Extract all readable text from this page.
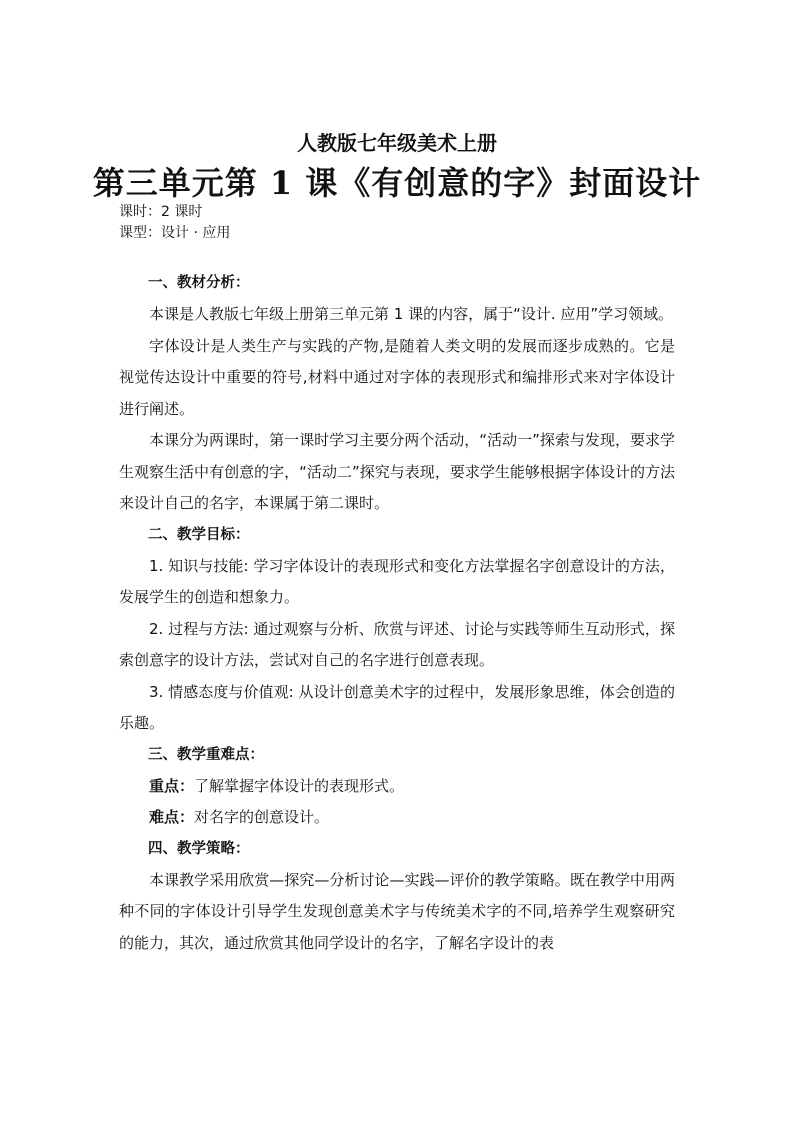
人教版七年级美术上册
第三单元第 1 课《有创意的字》封面设计
课时：2 课时
课型：设计 · 应用

一、教材分析：

本课是人教版七年级上册第三单元第 1 课的内容，属于“设计. 应用”学习领域。

字体设计是人类生产与实践的产物,是随着人类文明的发展而逐步成熟的。它是视觉传达设计中重要的符号,材料中通过对字体的表现形式和编排形式来对字体设计进行阐述。

本课分为两课时，第一课时学习主要分两个活动，“活动一”探索与发现，要求学生观察生活中有创意的字，“活动二”探究与表现，要求学生能够根据字体设计的方法来设计自己的名字，本课属于第二课时。

二、教学目标：

1. 知识与技能: 学习字体设计的表现形式和变化方法掌握名字创意设计的方法，发展学生的创造和想象力。

2. 过程与方法: 通过观察与分析、欣赏与评述、讨论与实践等师生互动形式，探索创意字的设计方法，尝试对自己的名字进行创意表现。

3. 情感态度与价值观: 从设计创意美术字的过程中，发展形象思维，体会创造的乐趣。

三、教学重难点：

重点：了解掌握字体设计的表现形式。

难点：对名字的创意设计。

四、教学策略：

本课教学采用欣赏—探究—分析讨论—实践—评价的教学策略。既在教学中用两种不同的字体设计引导学生发现创意美术字与传统美术字的不同,培养学生观察研究的能力，其次，通过欣赏其他同学设计的名字，了解名字设计的表
